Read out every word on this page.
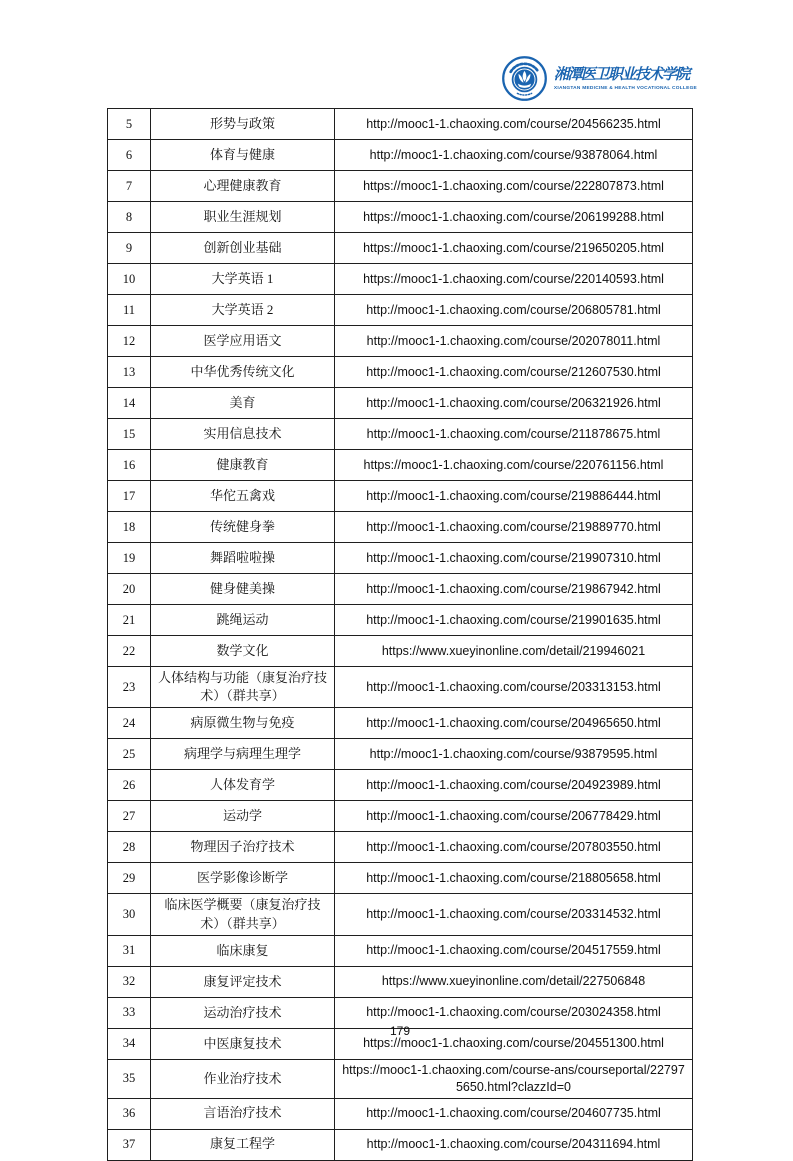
湘潭医卫职业技术学院
XIANGTAN MEDICINE & HEALTH VOCATIONAL COLLEGE
5	形势与政策	http://mooc1-1.chaoxing.com/course/204566235.html
6	体育与健康	http://mooc1-1.chaoxing.com/course/93878064.html
7	心理健康教育	https://mooc1-1.chaoxing.com/course/222807873.html
8	职业生涯规划	https://mooc1-1.chaoxing.com/course/206199288.html
9	创新创业基础	https://mooc1-1.chaoxing.com/course/219650205.html
10	大学英语 1	https://mooc1-1.chaoxing.com/course/220140593.html
11	大学英语 2	http://mooc1-1.chaoxing.com/course/206805781.html
12	医学应用语文	http://mooc1-1.chaoxing.com/course/202078011.html
13	中华优秀传统文化	http://mooc1-1.chaoxing.com/course/212607530.html
14	美育	http://mooc1-1.chaoxing.com/course/206321926.html
15	实用信息技术	http://mooc1-1.chaoxing.com/course/211878675.html
16	健康教育	https://mooc1-1.chaoxing.com/course/220761156.html
17	华佗五禽戏	http://mooc1-1.chaoxing.com/course/219886444.html
18	传统健身拳	http://mooc1-1.chaoxing.com/course/219889770.html
19	舞蹈啦啦操	http://mooc1-1.chaoxing.com/course/219907310.html
20	健身健美操	http://mooc1-1.chaoxing.com/course/219867942.html
21	跳绳运动	http://mooc1-1.chaoxing.com/course/219901635.html
22	数学文化	https://www.xueyinonline.com/detail/219946021
23	人体结构与功能（康复治疗技术）（群共享）	http://mooc1-1.chaoxing.com/course/203313153.html
24	病原微生物与免疫	http://mooc1-1.chaoxing.com/course/204965650.html
25	病理学与病理生理学	http://mooc1-1.chaoxing.com/course/93879595.html
26	人体发育学	http://mooc1-1.chaoxing.com/course/204923989.html
27	运动学	http://mooc1-1.chaoxing.com/course/206778429.html
28	物理因子治疗技术	http://mooc1-1.chaoxing.com/course/207803550.html
29	医学影像诊断学	http://mooc1-1.chaoxing.com/course/218805658.html
30	临床医学概要（康复治疗技术）（群共享）	http://mooc1-1.chaoxing.com/course/203314532.html
31	临床康复	http://mooc1-1.chaoxing.com/course/204517559.html
32	康复评定技术	https://www.xueyinonline.com/detail/227506848
33	运动治疗技术	http://mooc1-1.chaoxing.com/course/203024358.html
34	中医康复技术	https://mooc1-1.chaoxing.com/course/204551300.html
35	作业治疗技术	https://mooc1-1.chaoxing.com/course-ans/courseportal/227975650.html?clazzId=0
36	言语治疗技术	http://mooc1-1.chaoxing.com/course/204607735.html
37	康复工程学	http://mooc1-1.chaoxing.com/course/204311694.html
179
